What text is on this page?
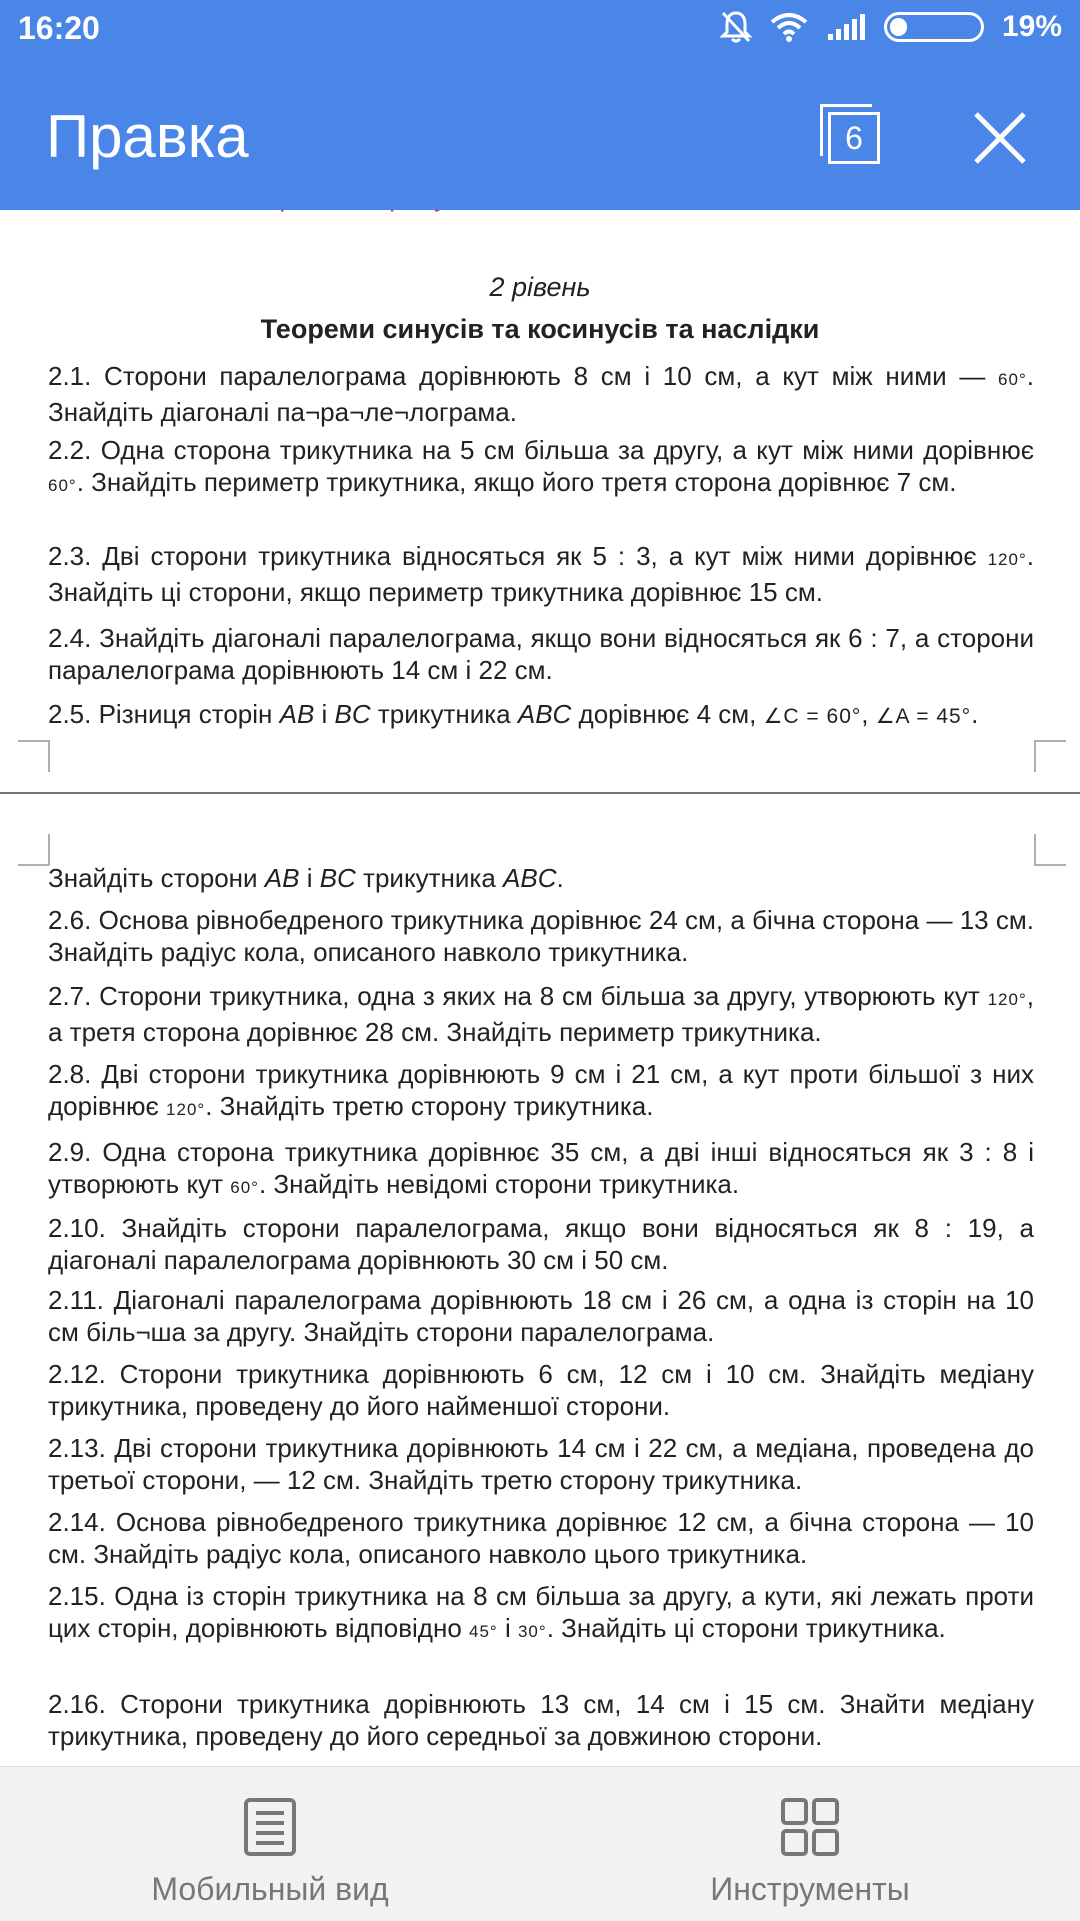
16:20	19%
Правка	6
2 рівень
Теореми синусів та косинусів та наслідки
2.1. Сторони паралелограма дорівнюють 8 см і 10 см, а кут між ними — 60°. Знайдіть діагоналі па¬ра¬ле¬лограма.
2.2. Одна сторона трикутника на 5 см більша за другу, а кут між ними дорівнює 60°. Знайдіть периметр трикутника, якщо його третя сторона дорівнює 7 см.
2.3. Дві сторони трикутника відносяться як 5 : 3, а кут між ними дорівнює 120°. Знайдіть ці сторони, якщо периметр трикутника дорівнює 15 см.
2.4. Знайдіть діагоналі паралелограма, якщо вони відносяться як 6 : 7, а сторони паралелограма дорівнюють 14 см і 22 см.
2.5. Різниця сторін AB і BC трикутника ABC дорівнює 4 см, ∠C = 60°, ∠A = 45°.
Знайдіть сторони AB і BC трикутника ABC.
2.6. Основа рівнобедреного трикутника дорівнює 24 см, а бічна сторона — 13 см. Знайдіть радіус кола, описаного навколо трикутника.
2.7. Сторони трикутника, одна з яких на 8 см більша за другу, утворюють кут 120°, а третя сторона дорівнює 28 см. Знайдіть периметр трикутника.
2.8. Дві сторони трикутника дорівнюють 9 см і 21 см, а кут проти більшої з них дорівнює 120°. Знайдіть третю сторону трикутника.
2.9. Одна сторона трикутника дорівнює 35 см, а дві інші відносяться як 3 : 8 і утворюють кут 60°. Знайдіть невідомі сторони трикутника.
2.10. Знайдіть сторони паралелограма, якщо вони відносяться як 8 : 19, а діагоналі паралелограма дорівнюють 30 см і 50 см.
2.11. Діагоналі паралелограма дорівнюють 18 см і 26 см, а одна із сторін на 10 см біль¬ша за другу. Знайдіть сторони паралелограма.
2.12. Сторони трикутника дорівнюють 6 см, 12 см і 10 см. Знайдіть медіану трикутника, проведену до його найменшої сторони.
2.13. Дві сторони трикутника дорівнюють 14 см і 22 см, а медіана, проведена до третьої сторони, — 12 см. Знайдіть третю сторону трикутника.
2.14. Основа рівнобедреного трикутника дорівнює 12 см, а бічна сторона — 10 см. Знайдіть радіус кола, описаного навколо цього трикутника.
2.15. Одна із сторін трикутника на 8 см більша за другу, а кути, які лежать проти цих сторін, дорівнюють відповідно 45° і 30°. Знайдіть ці сторони трикутника.
2.16. Сторони трикутника дорівнюють 13 см, 14 см і 15 см. Знайти медіану трикутника, проведену до його середньої за довжиною сторони.
Мобильный вид	Инструменты
